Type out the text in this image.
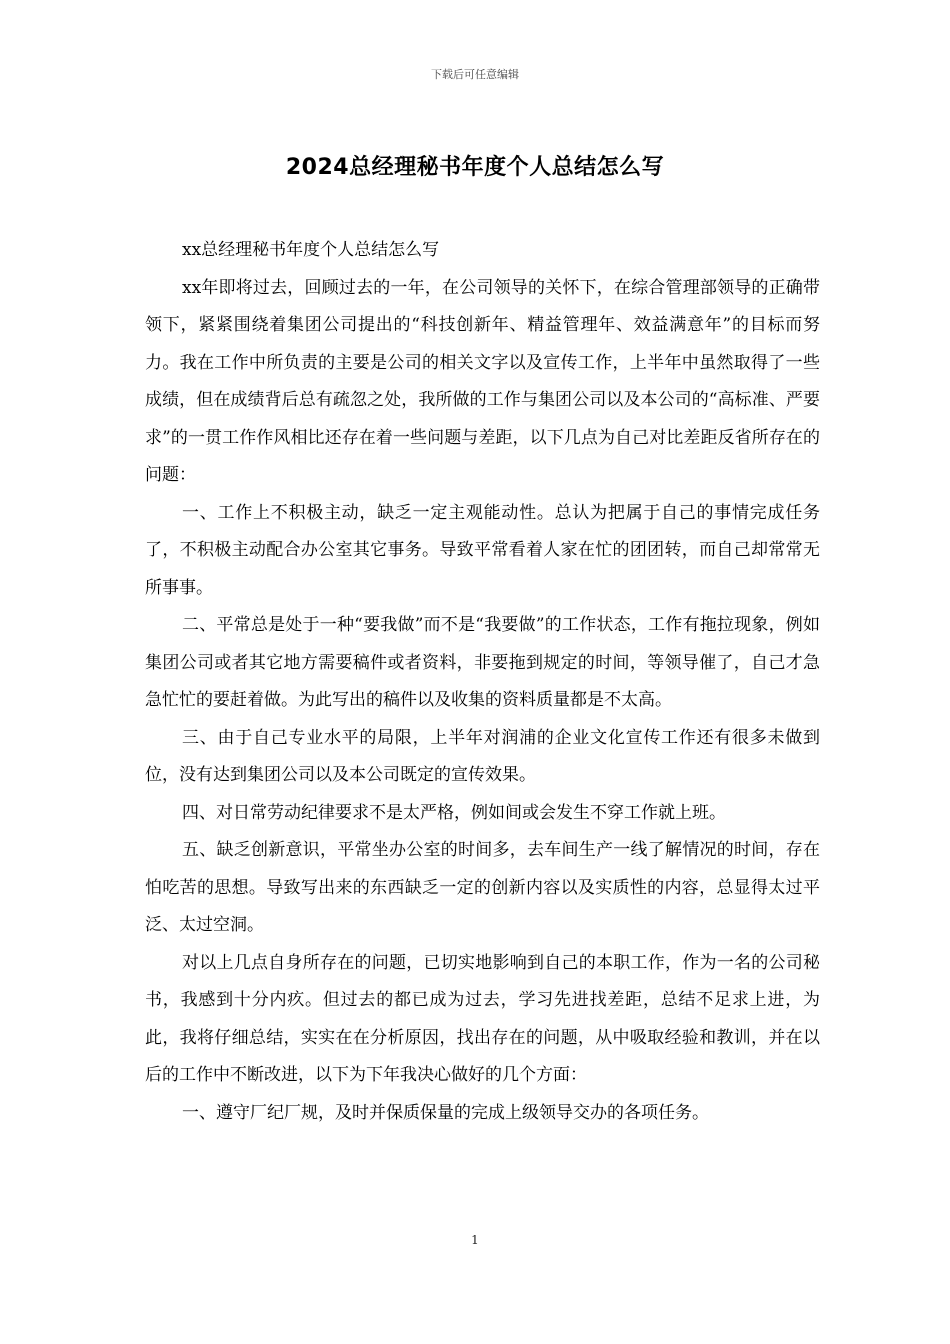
下载后可任意编辑
2024总经理秘书年度个人总结怎么写

xx总经理秘书年度个人总结怎么写

xx年即将过去，回顾过去的一年，在公司领导的关怀下，在综合管理部领导的正确带领下，紧紧围绕着集团公司提出的“科技创新年、精益管理年、效益满意年”的目标而努力。我在工作中所负责的主要是公司的相关文字以及宣传工作，上半年中虽然取得了一些成绩，但在成绩背后总有疏忽之处，我所做的工作与集团公司以及本公司的“高标准、严要求”的一贯工作作风相比还存在着一些问题与差距，以下几点为自己对比差距反省所存在的问题：

一、工作上不积极主动，缺乏一定主观能动性。总认为把属于自己的事情完成任务了，不积极主动配合办公室其它事务。导致平常看着人家在忙的团团转，而自己却常常无所事事。

二、平常总是处于一种“要我做”而不是“我要做”的工作状态，工作有拖拉现象，例如集团公司或者其它地方需要稿件或者资料，非要拖到规定的时间，等领导催了，自己才急急忙忙的要赶着做。为此写出的稿件以及收集的资料质量都是不太高。

三、由于自己专业水平的局限，上半年对润浦的企业文化宣传工作还有很多未做到位，没有达到集团公司以及本公司既定的宣传效果。

四、对日常劳动纪律要求不是太严格，例如间或会发生不穿工作就上班。

五、缺乏创新意识，平常坐办公室的时间多，去车间生产一线了解情况的时间，存在怕吃苦的思想。导致写出来的东西缺乏一定的创新内容以及实质性的内容，总显得太过平泛、太过空洞。

对以上几点自身所存在的问题，已切实地影响到自己的本职工作，作为一名的公司秘书，我感到十分内疚。但过去的都已成为过去，学习先进找差距，总结不足求上进，为此，我将仔细总结，实实在在分析原因，找出存在的问题，从中吸取经验和教训，并在以后的工作中不断改进，以下为下年我决心做好的几个方面：

一、遵守厂纪厂规，及时并保质保量的完成上级领导交办的各项任务。

1
